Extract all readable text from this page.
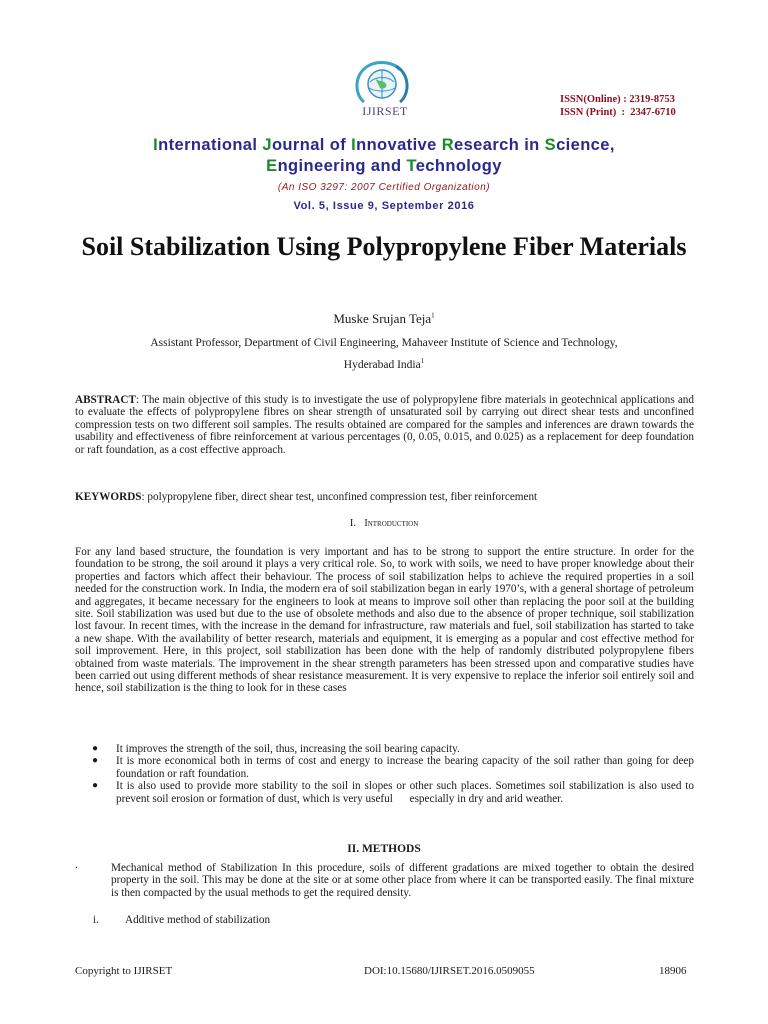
IJIRSET
ISSN(Online) : 2319-8753
ISSN (Print)  :  2347-6710
International Journal of Innovative Research in Science,
Engineering and Technology
(An ISO 3297: 2007 Certified Organization)
Vol. 5, Issue 9, September 2016
Soil Stabilization Using Polypropylene Fiber Materials
Muske Srujan Teja$^1$
Assistant Professor, Department of Civil Engineering, Mahaveer Institute of Science and Technology,
Hyderabad India$^1$
ABSTRACT: The main objective of this study is to investigate the use of polypropylene fibre materials in geotechnical applications and to evaluate the effects of polypropylene fibres on shear strength of unsaturated soil by carrying out direct shear tests and unconfined compression tests on two different soil samples. The results obtained are compared for the samples and inferences are drawn towards the usability and effectiveness of fibre reinforcement at various percentages (0, 0.05, 0.015, and 0.025) as a replacement for deep foundation or raft foundation, as a cost effective approach.
KEYWORDS: polypropylene fiber, direct shear test, unconfined compression test, fiber reinforcement
I. Introduction
For any land based structure, the foundation is very important and has to be strong to support the entire structure. In order for the foundation to be strong, the soil around it plays a very critical role. So, to work with soils, we need to have proper knowledge about their properties and factors which affect their behaviour. The process of soil stabilization helps to achieve the required properties in a soil needed for the construction work. In India, the modern era of soil stabilization began in early 1970’s, with a general shortage of petroleum and aggregates, it became necessary for the engineers to look at means to improve soil other than replacing the poor soil at the building site. Soil stabilization was used but due to the use of obsolete methods and also due to the absence of proper technique, soil stabilization lost favour. In recent times, with the increase in the demand for infrastructure, raw materials and fuel, soil stabilization has started to take a new shape. With the availability of better research, materials and equipment, it is emerging as a popular and cost effective method for soil improvement. Here, in this project, soil stabilization has been done with the help of randomly distributed polypropylene fibers obtained from waste materials. The improvement in the shear strength parameters has been stressed upon and comparative studies have been carried out using different methods of shear resistance measurement. It is very expensive to replace the inferior soil entirely soil and hence, soil stabilization is the thing to look for in these cases

● It improves the strength of the soil, thus, increasing the soil bearing capacity.

● It is more economical both in terms of cost and energy to increase the bearing capacity of the soil rather than going for deep foundation or raft foundation.

● It is also used to provide more stability to the soil in slopes or other such places. Sometimes soil stabilization is also used to prevent soil erosion or formation of dust, which is very useful      especially in dry and arid weather.

II. METHODS
.	Mechanical method of Stabilization In this procedure, soils of different gradations are mixed together to obtain the desired property in the soil. This may be done at the site or at some other place from where it can be transported easily. The final mixture is then compacted by the usual methods to get the required density.
i. Additive method of stabilization
Copyright to IJIRSET	DOI:10.15680/IJIRSET.2016.0509055	18906
